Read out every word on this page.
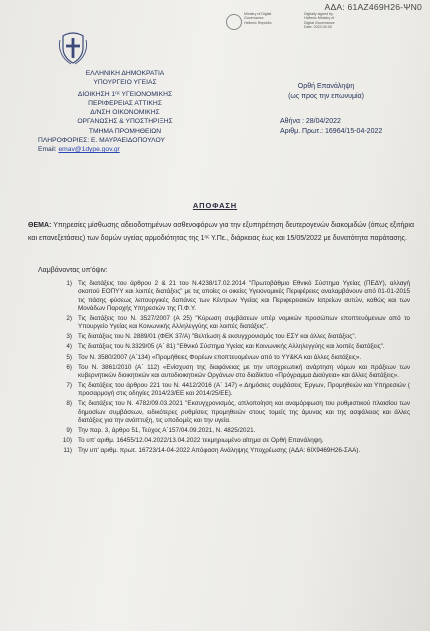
ΑΔΑ: 61ΑΖ469Η26-ΨΝ0
Ministry of Digital
Governance
Hellenic Republic
Digitally signed by
Hellenic Ministry of
Digital Governance
Date: 2022.04.28
ΕΛΛΗΝΙΚΗ ΔΗΜΟΚΡΑΤΙΑ
ΥΠΟΥΡΓΕΙΟ ΥΓΕΙΑΣ
ΔΙΟΙΚΗΣΗ $1^{\eta\varsigma}$ ΥΓΕΙΟΝΟΜΙΚΗΣ
ΠΕΡΙΦΕΡΕΙΑΣ ΑΤΤΙΚΗΣ
Δ/ΝΣΗ ΟΙΚΟΝΟΜΙΚΗΣ
ΟΡΓΑΝΩΣΗΣ & ΥΠΟΣΤΗΡΙΞΗΣ
ΤΜΗΜΑ ΠΡΟΜΗΘΕΙΩΝ
ΠΛΗΡΟΦΟΡΙΕΣ: Ε. ΜΑΥΡΑΕΙΔΟΠΟΥΛΟΥ
Email: emav@1dype.gov.gr
Ορθή Επανάληψη
(ως προς την επωνυμία)
Αθήνα : 28/04/2022
Αριθμ. Πρωτ.: 16964/15-04-2022
ΑΠΟΦΑΣΗ
ΘΕΜΑ: Υπηρεσίες μίσθωσης αδειοδοτημένων ασθενοφόρων για την εξυπηρέτηση δευτερογενών διακομιδών (όπως εξιτήρια και επανεξετάσεις) των δομών υγείας αρμοδιότητας της $1^{\eta\varsigma}$ Υ.Πε., διάρκειας έως και 15/05/2022 με δυνατότητα παράτασης.
Λαμβάνοντας υπ'όψιν:
1) Τις διατάξεις του άρθρου 2 & 21 του Ν.4238/17.02.2014 "Πρωτοβάθμιο Εθνικό Σύστημα Υγείας (ΠΕΔΥ), αλλαγή σκοπού ΕΟΠΥΥ και λοιπές διατάξεις" με τις οποίες οι οικείες Υγειονομικές Περιφέρειες αναλαμβάνουν από 01-01-2015 τις πάσης φύσεως λειτουργικές δαπάνες των Κέντρων Υγείας και Περιφερειακών Ιατρείων αυτών, καθώς και των Μονάδων Παροχής Υπηρεσιών της Π.Φ.Υ.
2) Τις διατάξεις του Ν. 3527/2007 (Α 25) "Κύρωση συμβάσεων υπέρ νομικών προσώπων εποπτευόμενων από το Υπουργείο Υγείας και Κοινωνικής Αλληλεγγύης και λοιπές διατάξεις".
3) Τις διατάξεις του Ν. 2889/01 (ΦΕΚ 37/Α) "Βελτίωση & εκσυγχρονισμός του ΕΣΥ και άλλες διατάξεις".
4) Τις διατάξεις του Ν.3329/05 (Α΄ 81) "Εθνικό Σύστημα Υγείας και Κοινωνικής Αλληλεγγύης και λοιπές διατάξεις".
5) Τον Ν. 3580/2007 (Α΄134) «Προμήθειες Φορέων εποπτευομένων από το ΥΥ&ΚΑ και άλλες διατάξεις».
6) Του Ν. 3861/2010 (Α΄ 112) «Ενίσχυση της διαφάνειας με την υποχρεωτική ανάρτηση νόμων και πράξεων των κυβερνητικών διοικητικών και αυτοδιοικητικών Οργάνων στο διαδίκτυο «Πρόγραμμα Διαύγεια» και άλλες διατάξεις».
7) Τις διατάξεις του άρθρου 221 του Ν. 4412/2016 (Α΄ 147) « Δημόσιες συμβάσεις Έργων, Προμηθειών και Υπηρεσιών ( προσαρμογή στις οδηγίες 2014/23/ΕΕ και 2014/25/ΕΕ).
8) Τις διατάξεις του Ν. 4782/09.03.2021 "Εκσυγχρονισμός, απλοποίηση και αναμόρφωση του ρυθμιστικού πλαισίου των δημοσίων συμβάσεων, ειδικότερες ρυθμίσεις προμηθειών στους τομείς της άμυνας και της ασφάλειας και άλλες διατάξεις για την ανάπτυξη, τις υποδομές και την υγεία.
9) Την παρ. 3, άρθρο 51, Τεύχος Α΄157/04.09.2021, Ν. 4825/2021.
10) Το υπ' αριθμ. 16455/12.04.2022/13.04.2022 τεκμηριωμένο αίτημα σε Ορθή Επανάληψη.
11) Την υπ' αριθμ. πρωτ. 16723/14-04-2022 Απόφαση Ανάληψης Υποχρέωσης (ΑΔΑ: 6ΙΧ9469Η26-ΣΑΑ).
